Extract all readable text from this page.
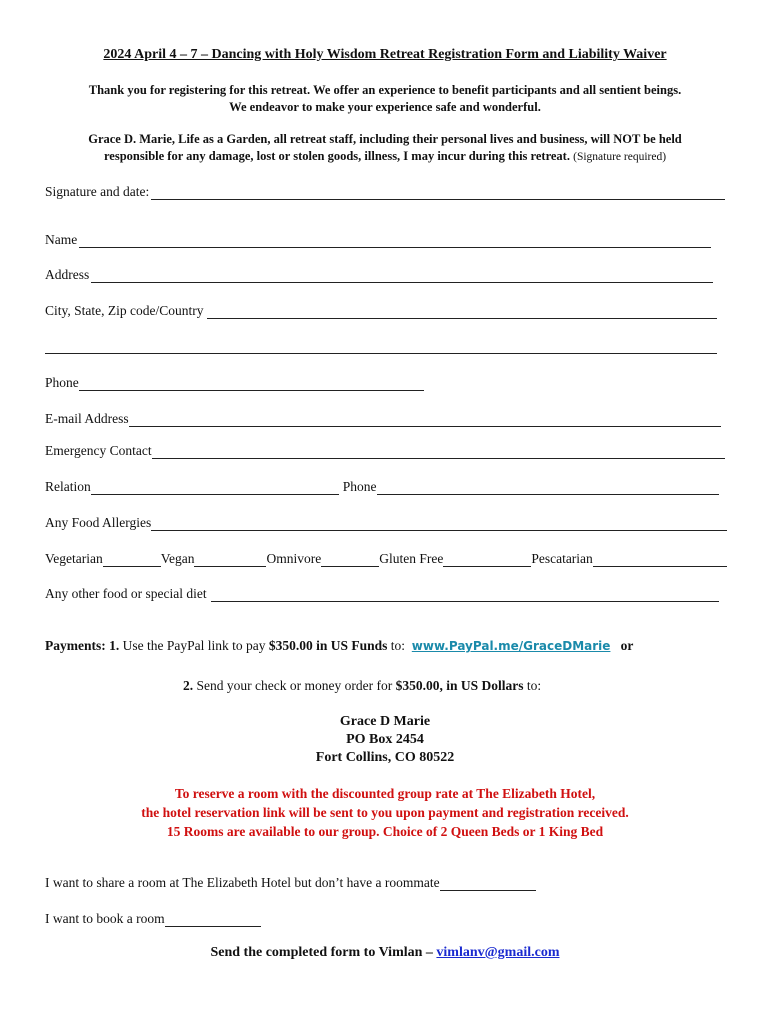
2024 April 4 – 7 – Dancing with Holy Wisdom Retreat Registration Form and Liability Waiver
Thank you for registering for this retreat. We offer an experience to benefit participants and all sentient beings.
We endeavor to make your experience safe and wonderful.
Grace D. Marie, Life as a Garden, all retreat staff, including their personal lives and business, will NOT be held
responsible for any damage, lost or stolen goods, illness, I may incur during this retreat. (Signature required)
Signature and date:
Name
Address
City, State, Zip code/Country
Phone
E-mail Address
Emergency Contact
Relation	Phone
Any Food Allergies
Vegetarian	Vegan	Omnivore	Gluten Free	Pescatarian
Any other food or special diet
Payments: 1. Use the PayPal link to pay $350.00 in US Funds to: www.PayPal.me/GraceDMarie or
2. Send your check or money order for $350.00, in US Dollars to:
Grace D Marie
PO Box 2454
Fort Collins, CO 80522
To reserve a room with the discounted group rate at The Elizabeth Hotel,
the hotel reservation link will be sent to you upon payment and registration received.
15 Rooms are available to our group. Choice of 2 Queen Beds or 1 King Bed
I want to share a room at The Elizabeth Hotel but don’t have a roommate
I want to book a room
Send the completed form to Vimlan – vimlanv@gmail.com
